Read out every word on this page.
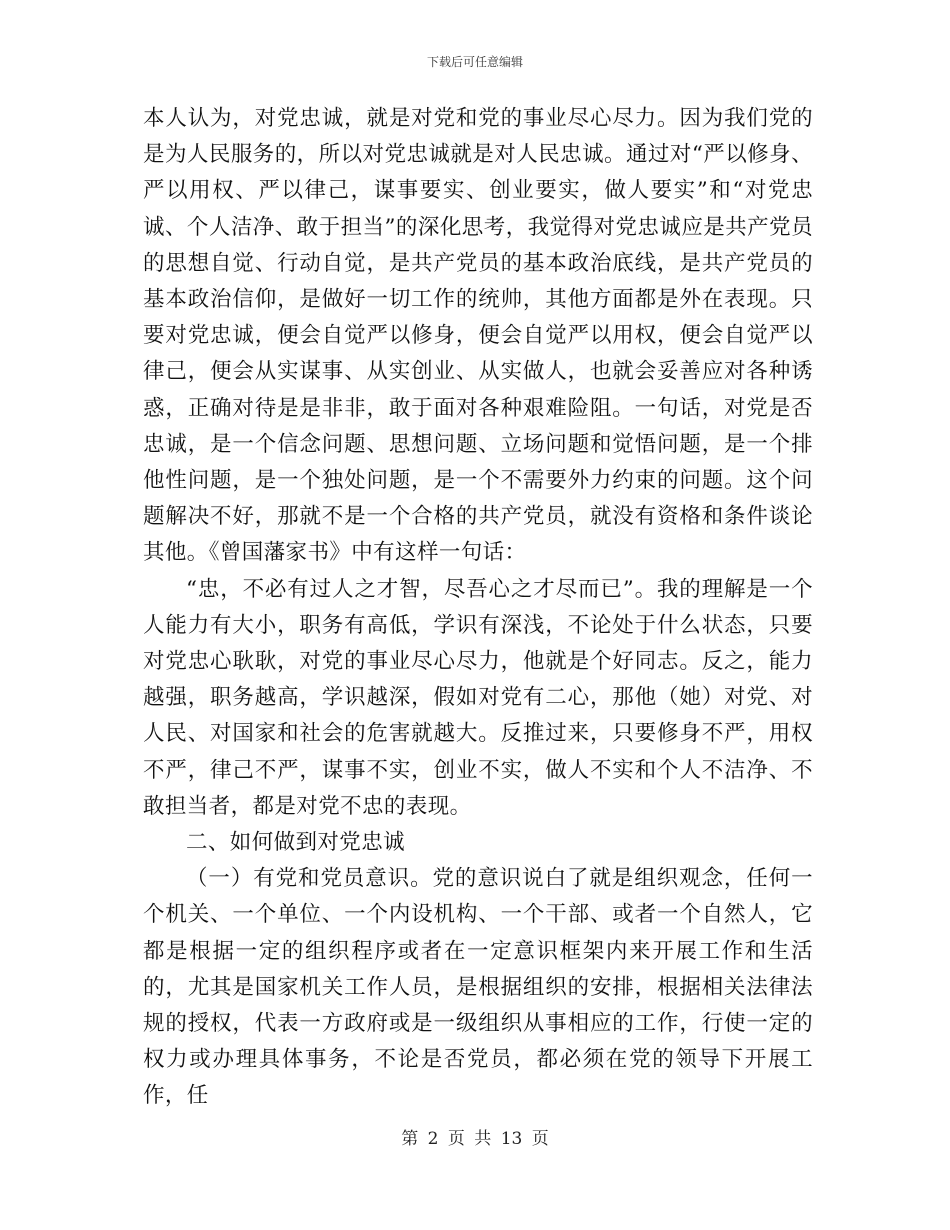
下载后可任意编辑

本人认为，对党忠诚，就是对党和党的事业尽心尽力。因为我们党的是为人民服务的，所以对党忠诚就是对人民忠诚。通过对“严以修身、严以用权、严以律己，谋事要实、创业要实，做人要实”和“对党忠诚、个人洁净、敢于担当”的深化思考，我觉得对党忠诚应是共产党员的思想自觉、行动自觉，是共产党员的基本政治底线，是共产党员的基本政治信仰，是做好一切工作的统帅，其他方面都是外在表现。只要对党忠诚，便会自觉严以修身，便会自觉严以用权，便会自觉严以律己，便会从实谋事、从实创业、从实做人，也就会妥善应对各种诱惑，正确对待是是非非，敢于面对各种艰难险阻。一句话，对党是否忠诚，是一个信念问题、思想问题、立场问题和觉悟问题，是一个排他性问题，是一个独处问题，是一个不需要外力约束的问题。这个问题解决不好，那就不是一个合格的共产党员，就没有资格和条件谈论其他。《曾国藩家书》中有这样一句话：

“忠，不必有过人之才智，尽吾心之才尽而已”。我的理解是一个人能力有大小，职务有高低，学识有深浅，不论处于什么状态，只要对党忠心耿耿，对党的事业尽心尽力，他就是个好同志。反之，能力越强，职务越高，学识越深，假如对党有二心，那他（她）对党、对人民、对国家和社会的危害就越大。反推过来，只要修身不严，用权不严，律己不严，谋事不实，创业不实，做人不实和个人不洁净、不敢担当者，都是对党不忠的表现。

二、如何做到对党忠诚

（一）有党和党员意识。党的意识说白了就是组织观念，任何一个机关、一个单位、一个内设机构、一个干部、或者一个自然人，它都是根据一定的组织程序或者在一定意识框架内来开展工作和生活的，尤其是国家机关工作人员，是根据组织的安排，根据相关法律法规的授权，代表一方政府或是一级组织从事相应的工作，行使一定的权力或办理具体事务，不论是否党员，都必须在党的领导下开展工作，任

第 2 页 共 13 页
